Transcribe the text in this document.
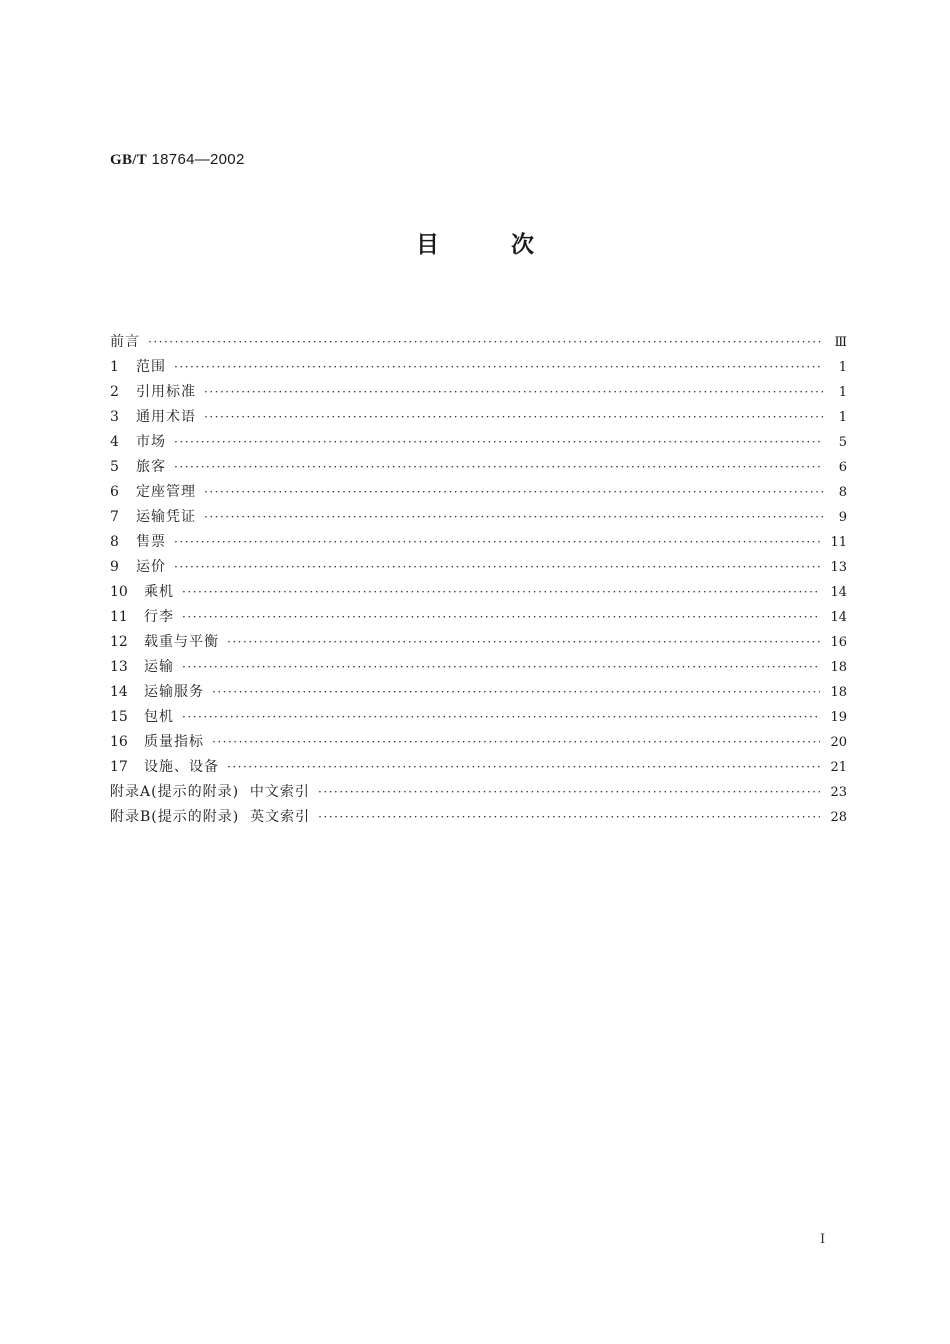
GB/T 18764—2002
目	次
前言 ·····	Ⅲ
1	范围 ·····	1
2	引用标准 ·····	1
3	通用术语 ·····	1
4	市场 ·····	5
5	旅客 ·····	6
6	定座管理 ·····	8
7	运输凭证 ·····	9
8	售票 ·····	11
9	运价 ·····	13
10	乘机 ·····	14
11	行李 ·····	14
12	载重与平衡 ·····	16
13	运输 ·····	18
14	运输服务 ·····	18
15	包机 ·····	19
16	质量指标 ·····	20
17	设施、设备 ·····	21
附录A(提示的附录)  中文索引 ·····	23
附录B(提示的附录)  英文索引 ·····	28
I
